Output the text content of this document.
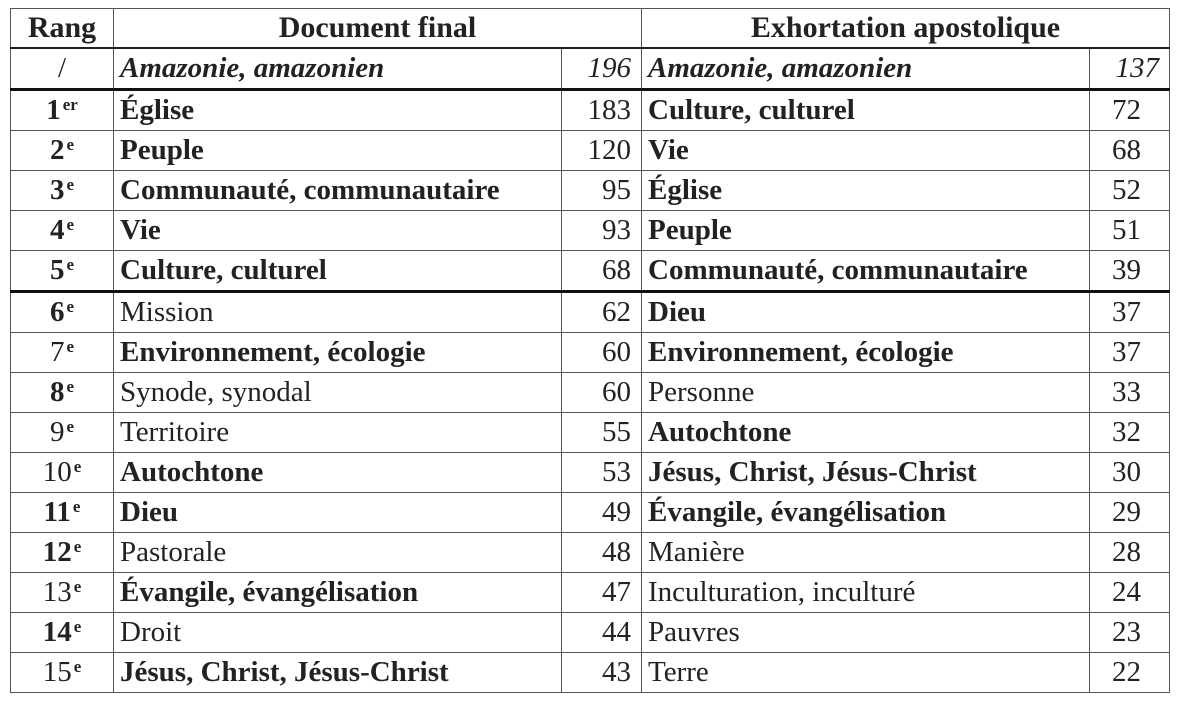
Rang	Document final		Exhortation apostolique	
/	Amazonie, amazonien	196	Amazonie, amazonien	137
1 $^{er}$	Église	183	Culture, culturel	72
2 $^e$	Peuple	120	Vie	68
3 $^e$	Communauté, communautaire	95	Église	52
4 $^e$	Vie	93	Peuple	51
5 $^e$	Culture, culturel	68	Communauté, communautaire	39
6 $^e$	Mission	62	Dieu	37
7 $^e$	Environnement, écologie	60	Environnement, écologie	37
8 $^e$	Synode, synodal	60	Personne	33
9 $^e$	Territoire	55	Autochtone	32
10 $^e$	Autochtone	53	Jésus, Christ, Jésus-Christ	30
11 $^e$	Dieu	49	Évangile, évangélisation	29
12 $^e$	Pastorale	48	Manière	28
13 $^e$	Évangile, évangélisation	47	Inculturation, inculturé	24
14 $^e$	Droit	44	Pauvres	23
15 $^e$	Jésus, Christ, Jésus-Christ	43	Terre	22
